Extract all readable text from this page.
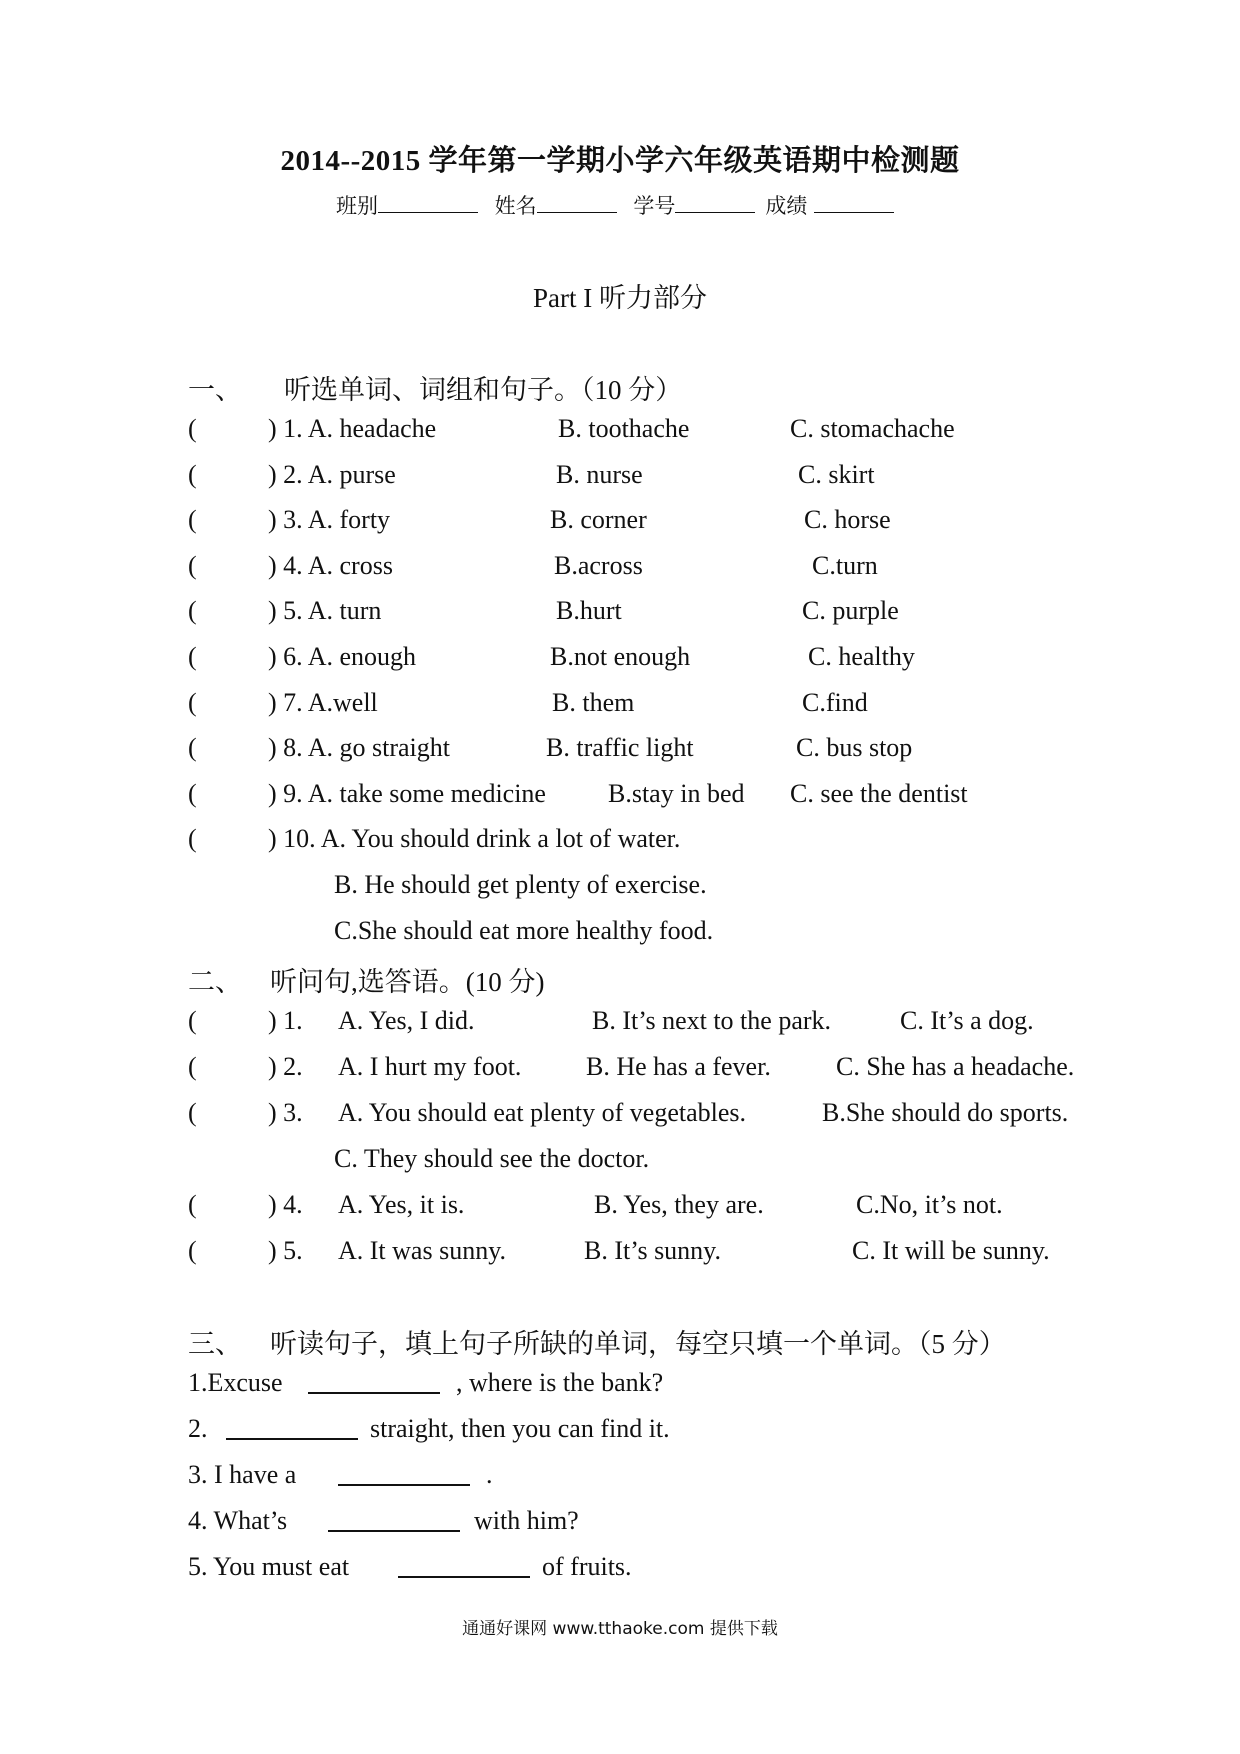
2014--2015 学年第一学期小学六年级英语期中检测题
班别	姓名	学号	成绩
Part I 听力部分
一、 听选单词、词组和句子。（10 分）
(	) 1. A. headache	B. toothache	C. stomachache
(	) 2. A. purse	B. nurse	C. skirt
(	) 3. A. forty	B. corner	C. horse
(	) 4. A. cross	B.across	C.turn
(	) 5. A. turn	B.hurt	C. purple
(	) 6. A. enough	B.not enough	C. healthy
(	) 7. A.well	B. them	C.find
(	) 8. A. go straight	B. traffic light	C. bus stop
(	) 9. A. take some medicine B.stay in bed C. see the dentist
(	) 10. A. You should drink a lot of water.
B. He should get plenty of exercise.
C.She should eat more healthy food.
二、 听问句,选答语。(10 分)
(	) 1. A. Yes, I did.	B. It’s next to the park.	C. It’s a dog.
(	) 2. A. I hurt my foot. B. He has a fever.	C. She has a headache.
(	) 3. A. You should eat plenty of vegetables.	B.She should do sports.
C. They should see the doctor.
(	) 4. A. Yes, it is.	B. Yes, they are.	C.No, it’s not.
(	) 5. A. It was sunny.	B. It’s sunny.	C. It will be sunny.
三、 听读句子，填上句子所缺的单词，每空只填一个单词。（5 分）
1.Excuse	, where is the bank?
2.	straight, then you can find it.
3. I have a	.
4. What’s	with him?
5. You must eat	of fruits.
通通好课网 www.tthaoke.com 提供下载
